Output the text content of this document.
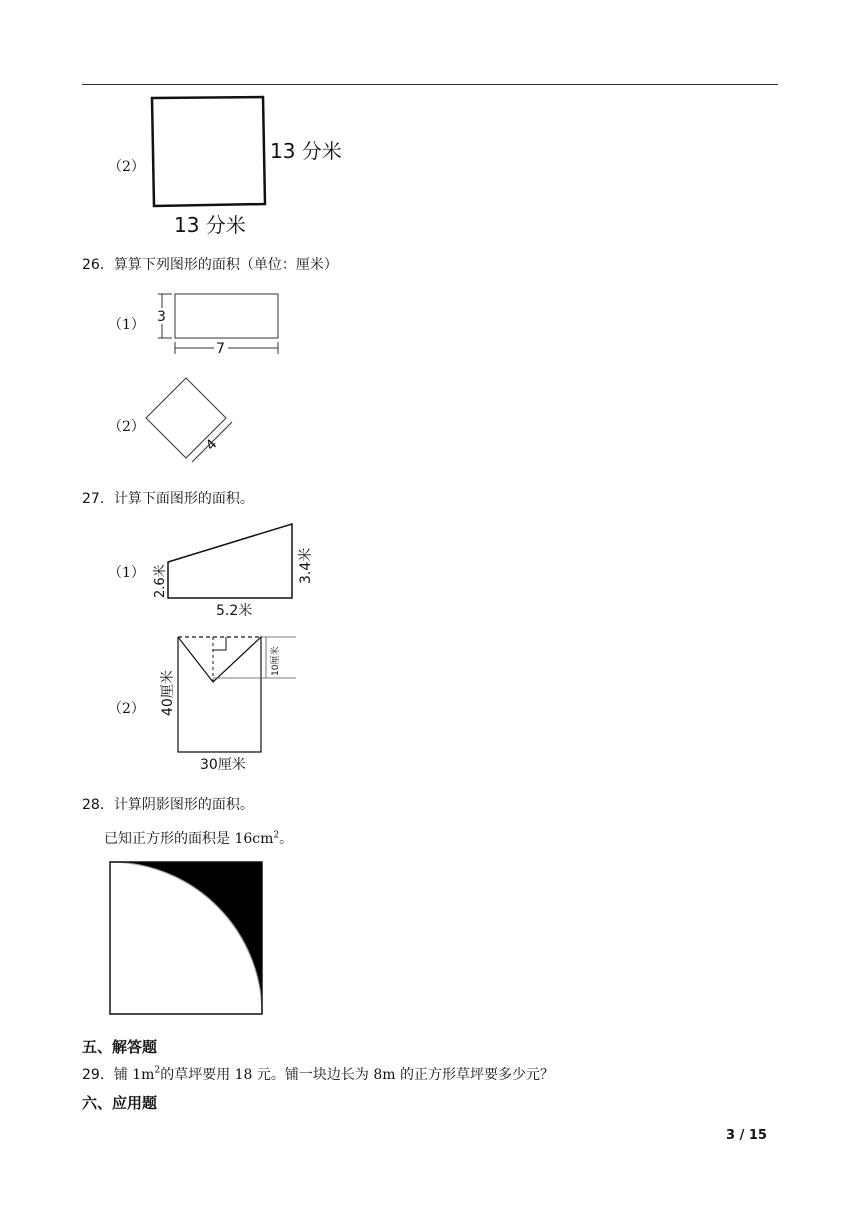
（2）
13 分米
13 分米
26．算算下列图形的面积（单位：厘米）
（1） 3
7
（2）
4
27．计算下面图形的面积。
（1） 2.6米	3.4米
5.2米
（2）
10厘米
40厘米
30厘米
28．计算阴影图形的面积。
已知正方形的面积是 $16cm^2$。
五、解答题
29．铺 $1m^2$的草坪要用 18 元。铺一块边长为 8m 的正方形草坪要多少元？
六、应用题
3 / 15
